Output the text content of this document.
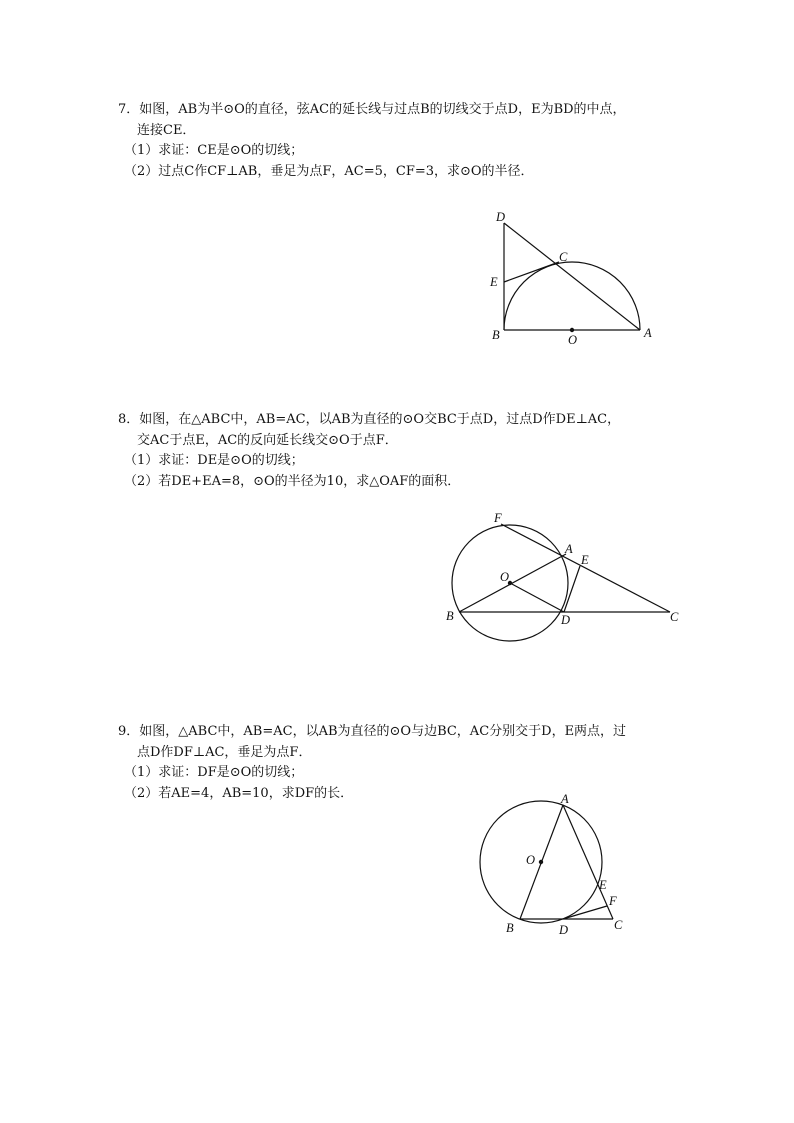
7．如图，AB为半⊙O的直径，弦AC的延长线与过点B的切线交于点D，E为BD的中点，
连接CE．
（1）求证：CE是⊙O的切线；
（2）过点C作CF⊥AB，垂足为点F，AC=5，CF=3，求⊙O的半径．
D
C
E
B	O	A
8．如图，在△ABC中，AB=AC，以AB为直径的⊙O交BC于点D，过点D作DE⊥AC，
交AC于点E，AC的反向延长线交⊙O于点F．
（1）求证：DE是⊙O的切线；
（2）若DE+EA=8，⊙O的半径为10，求△OAF的面积．
F
A
E
O
B	D	C
9．如图，△ABC中，AB=AC，以AB为直径的⊙O与边BC，AC分别交于D，E两点，过
点D作DF⊥AC，垂足为点F．
（1）求证：DF是⊙O的切线；
（2）若AE=4，AB=10，求DF的长．	A
O
E
F
B	D	C
